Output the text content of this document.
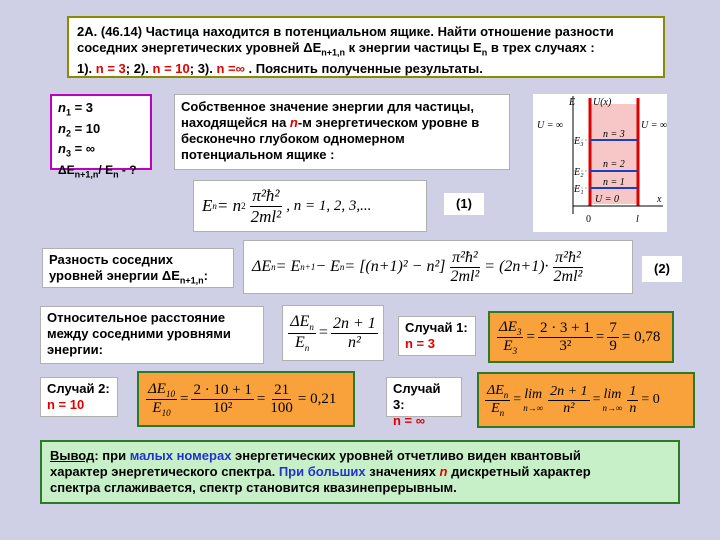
2А. (46.14) Частица находится в потенциальном ящике. Найти отношение разности
соседних энергетических уровней $\Delta E_{n+1,n}$ к энергии частицы $E_n$ в трех случаях :
1). n = 3; 2). n = 10; 3). n =∞ . Пояснить полученные результаты.
$n_1 = 3$
$n_2 = 10$
$n_3$ = ∞
$\Delta E_{n+1,n}/$ $E_n$ - ?
Собственное значение энергии для частицы,
находящейся на n-м энергетическом уровне в
бесконечно глубоком одномерном
потенциальном ящике :
E n = n $2 \frac{\text{π²ħ²}}{\text{2ml²}}$ , n = 1, 2, 3,...	(1)
E U(x)
U = ∞	U = ∞
U = 0
E₃
E₂
E₁
n = 3
n = 2
n = 1
x
0	l
Разность соседних
уровней энергии $\Delta E_{n+1,n}$:
ΔE n = E n+1 − E $n = [(n+1)^2 - n^2] \frac{\text{π²ħ²}}{\text{2ml²}} = (2n+1)\cdot \frac{\text{π²ħ²}}{\text{2ml²}}$	(2)
Относительное расстояние
между соседними уровнями
энергии:	$\frac{\Delta E_n}{E_n} = \frac{2n + 1}{\text{n²}}$ Случай 1:
n = 3	$\frac{\Delta E_3}{E_3} = \frac{2 \cdot 3 + 1}{\text{3²}} = \frac{7}{9} = 0,78$
Случай 2:
n = 10	$\frac{\Delta E_{10}}{E_{10}} = \frac{2 \cdot 10 + 1}{\text{10²}} = \frac{21}{100} = 0,21$
Случай 3:
n = ∞
$\frac{\Delta E_n}{E_n} = \lim$
$n\to\infty \frac{2n + 1}{\text{n²}} = \lim$
$n\to\infty \frac{1}{n} = 0$
Вывод: при малых номерах энергетических уровней отчетливо виден квантовый
характер энергетического спектра. При больших значениях n дискретный характер
спектра сглаживается, спектр становится квазинепрерывным.
